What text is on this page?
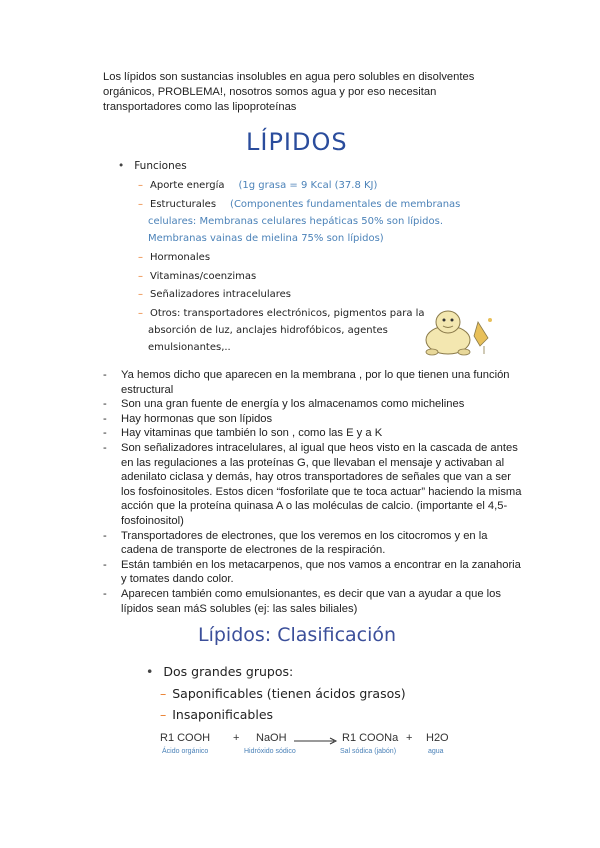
Los lípidos son sustancias insolubles en agua pero solubles en disolventes orgánicos, PROBLEMA!, nosotros somos agua y por eso necesitan transportadores como las lipoproteínas
LÍPIDOS
• Funciones
– Aporte energía (1g grasa = 9 Kcal (37.8 KJ)
– Estructurales (Componentes fundamentales de membranas
celulares: Membranas celulares hepáticas 50% son lípidos.
Membranas vainas de mielina 75% son lípidos)
– Hormonales
– Vitaminas/coenzimas
– Señalizadores intracelulares
– Otros: transportadores electrónicos, pigmentos para la
absorción de luz, anclajes hidrofóbicos, agentes
emulsionantes,..
- Ya hemos dicho que aparecen en la membrana , por lo que tienen una función estructural
- Son una gran fuente de energía y los almacenamos como michelines
- Hay hormonas que son lípidos
- Hay vitaminas que también lo son , como las E y a K
- Son señalizadores intracelulares, al igual que heos visto en la cascada de antes en las regulaciones a las proteínas G, que llevaban el mensaje y activaban al adenilato ciclasa y demás, hay otros transportadores de señales que van a ser los fosfoinositoles. Estos dicen “fosforilate que te toca actuar” haciendo la misma acción que la proteína quinasa A o las moléculas de calcio. (importante el 4,5-fosfoinositol)
- Transportadores de electrones, que los veremos en los citocromos y en la cadena de transporte de electrones de la respiración.
- Están también en los metacarpenos, que nos vamos a encontrar en la zanahoria y tomates dando color.
- Aparecen también como emulsionantes, es decir que van a ayudar a que los lípidos sean máS solubles (ej: las sales biliales)
Lípidos: Clasificación
• Dos grandes grupos:
– Saponificables (tienen ácidos grasos)
– Insaponificables
R1 COOH + NaOH → R1 COONa + H2O
Ácido orgánico	Hidróxido sódico	Sal sódica (jabón)	agua
